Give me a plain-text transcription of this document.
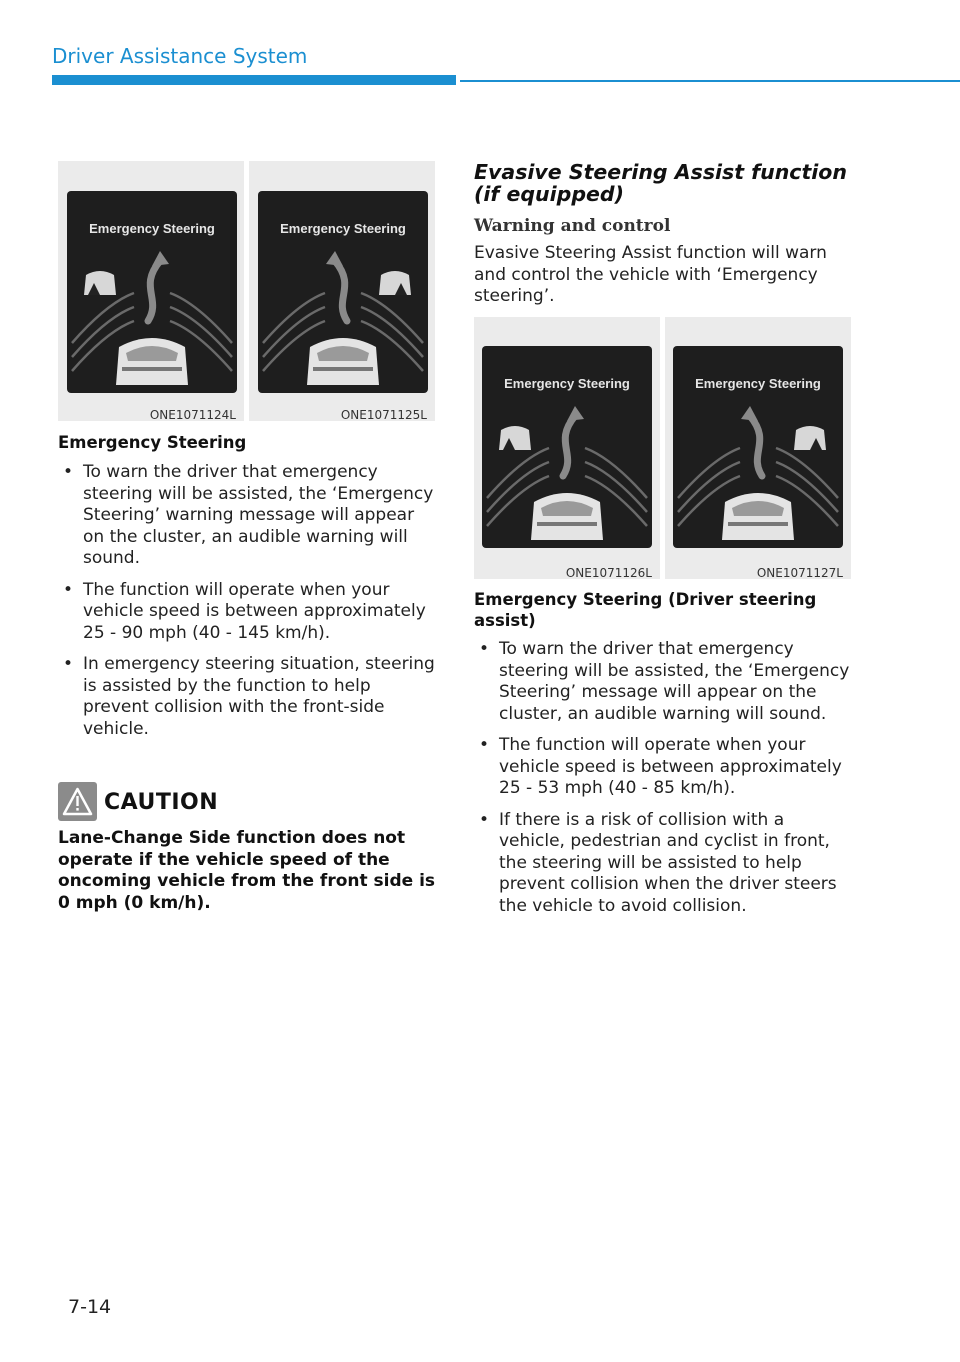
Driver Assistance System
Emergency Steering
ONE1071124L
Emergency Steering
ONE1071125L
Emergency Steering
• To warn the driver that emergency steering will be assisted, the ‘Emergency Steering’ warning message will appear on the cluster, an audible warning will sound.
• The function will operate when your vehicle speed is between approximately 25 - 90 mph (40 - 145 km/h).
• In emergency steering situation, steering is assisted by the function to help prevent collision with the front-side vehicle.
CAUTION
Lane-Change Side function does not operate if the vehicle speed of the oncoming vehicle from the front side is 0 mph (0 km/h).
Evasive Steering Assist function (if equipped)
Warning and control
Evasive Steering Assist function will warn and control the vehicle with ‘Emergency steering’.
Emergency Steering
ONE1071126L
Emergency Steering
ONE1071127L
Emergency Steering (Driver steering assist)
• To warn the driver that emergency steering will be assisted, the ‘Emergency Steering’ message will appear on the cluster, an audible warning will sound.
• The function will operate when your vehicle speed is between approximately 25 - 53 mph (40 - 85 km/h).
• If there is a risk of collision with a vehicle, pedestrian and cyclist in front, the steering will be assisted to help prevent collision when the driver steers the vehicle to avoid collision.
7-14
